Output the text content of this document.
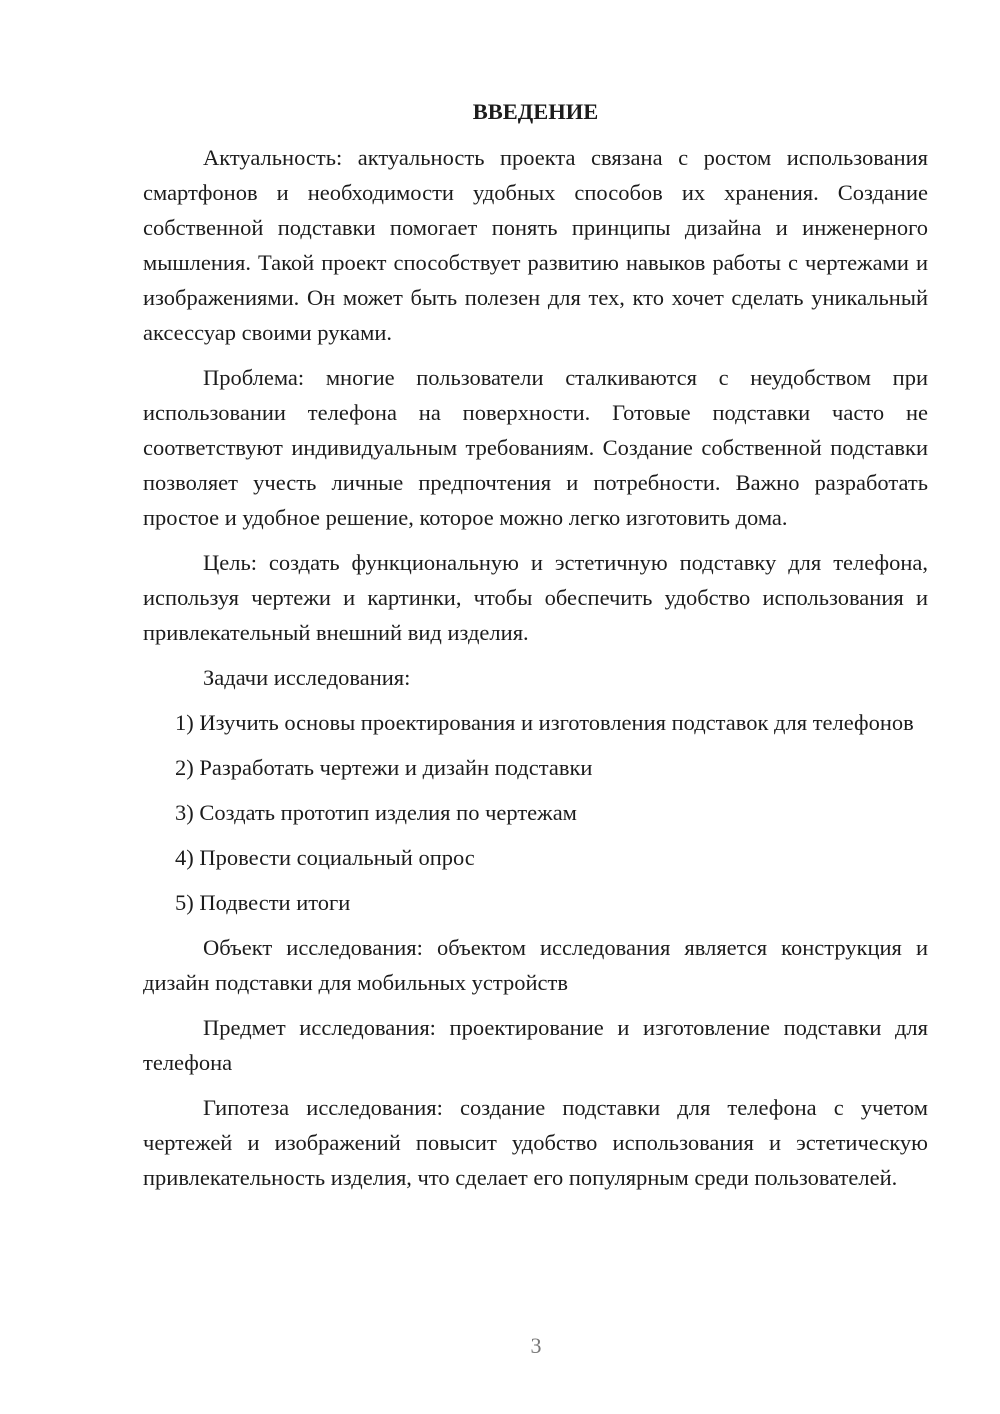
ВВЕДЕНИЕ
Актуальность: актуальность проекта связана с ростом использования смартфонов и необходимости удобных способов их хранения. Создание собственной подставки помогает понять принципы дизайна и инженерного мышления. Такой проект способствует развитию навыков работы с чертежами и изображениями. Он может быть полезен для тех, кто хочет сделать уникальный аксессуар своими руками.
Проблема: многие пользователи сталкиваются с неудобством при использовании телефона на поверхности. Готовые подставки часто не соответствуют индивидуальным требованиям. Создание собственной подставки позволяет учесть личные предпочтения и потребности. Важно разработать простое и удобное решение, которое можно легко изготовить дома.
Цель: создать функциональную и эстетичную подставку для телефона, используя чертежи и картинки, чтобы обеспечить удобство использования и привлекательный внешний вид изделия.
Задачи исследования:
1) Изучить основы проектирования и изготовления подставок для телефонов
2) Разработать чертежи и дизайн подставки
3) Создать прототип изделия по чертежам
4) Провести социальный опрос
5) Подвести итоги
Объект исследования: объектом исследования является конструкция и дизайн подставки для мобильных устройств
Предмет исследования: проектирование и изготовление подставки для телефона
Гипотеза исследования: создание подставки для телефона с учетом чертежей и изображений повысит удобство использования и эстетическую привлекательность изделия, что сделает его популярным среди пользователей.
3
